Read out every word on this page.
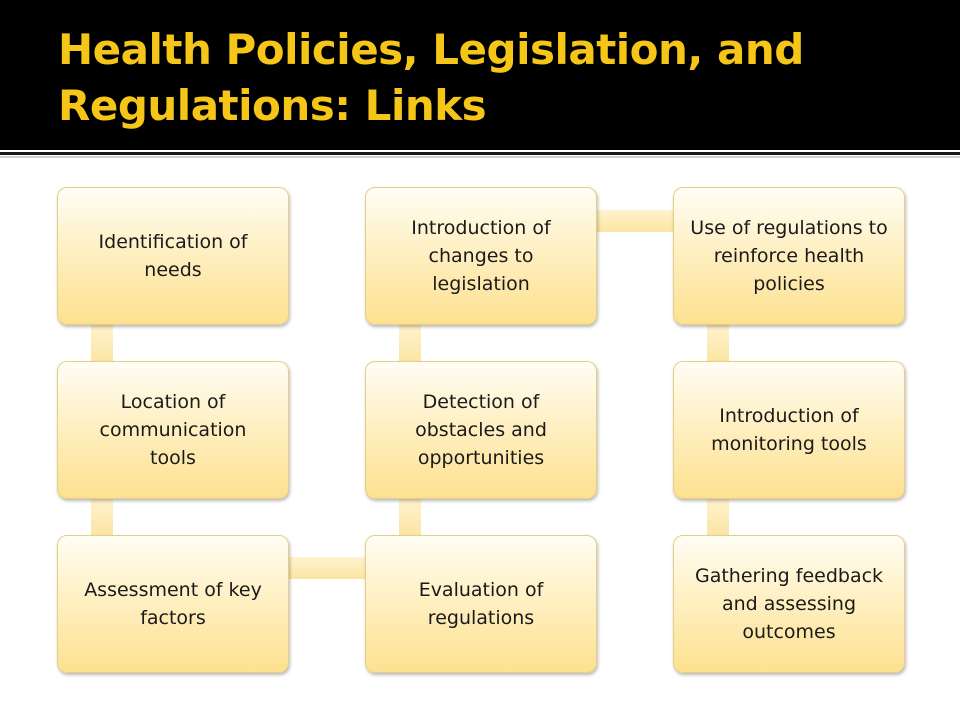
Health Policies, Legislation, and Regulations: Links
Identification of needs
Location of communication tools
Assessment of key factors
Evaluation of regulations
Detection of obstacles and opportunities
Introduction of changes to legislation
Use of regulations to reinforce health policies
Introduction of monitoring tools
Gathering feedback and assessing outcomes
